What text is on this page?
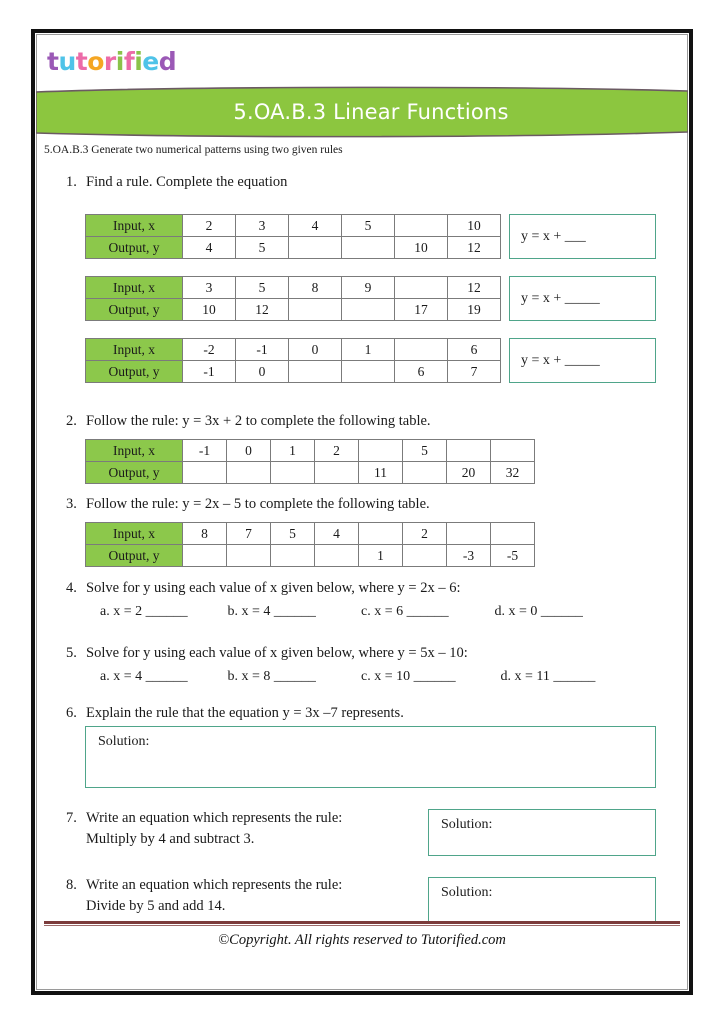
tutorified
5.OA.B.3 Linear Functions
5.OA.B.3 Generate two numerical patterns using two given rules
1. Find a rule. Complete the equation
Input, x	2	3	4	5		10
Output, y	4	5			10	12
y = x + ___
Input, x	3	5	8	9		12
Output, y	10	12			17	19
y = x + _____
Input, x	-2	-1	0	1		6
Output, y	-1	0			6	7
y = x + _____
2. Follow the rule: y = 3x + 2 to complete the following table.
Input, x	-1	0	1	2		5		
Output, y					11		20	32
3. Follow the rule: y = 2x – 5 to complete the following table.
Input, x	8	7	5	4		2		
Output, y					1		-3	-5
4. Solve for y using each value of x given below, where y = 2x – 6:
a. x = 2 ______	b. x = 4 ______	c. x = 6 ______	d. x = 0 ______
5. Solve for y using each value of x given below, where y = 5x – 10:
a. x = 4 ______	b. x = 8 ______	c. x = 10 ______	d. x = 11 ______
6. Explain the rule that the equation y = 3x –7 represents.
Solution:
7. Write an equation which represents the rule:
Multiply by 4 and subtract 3.
Solution:
8. Write an equation which represents the rule:
Divide by 5 and add 14.
Solution:
©Copyright. All rights reserved to Tutorified.com
